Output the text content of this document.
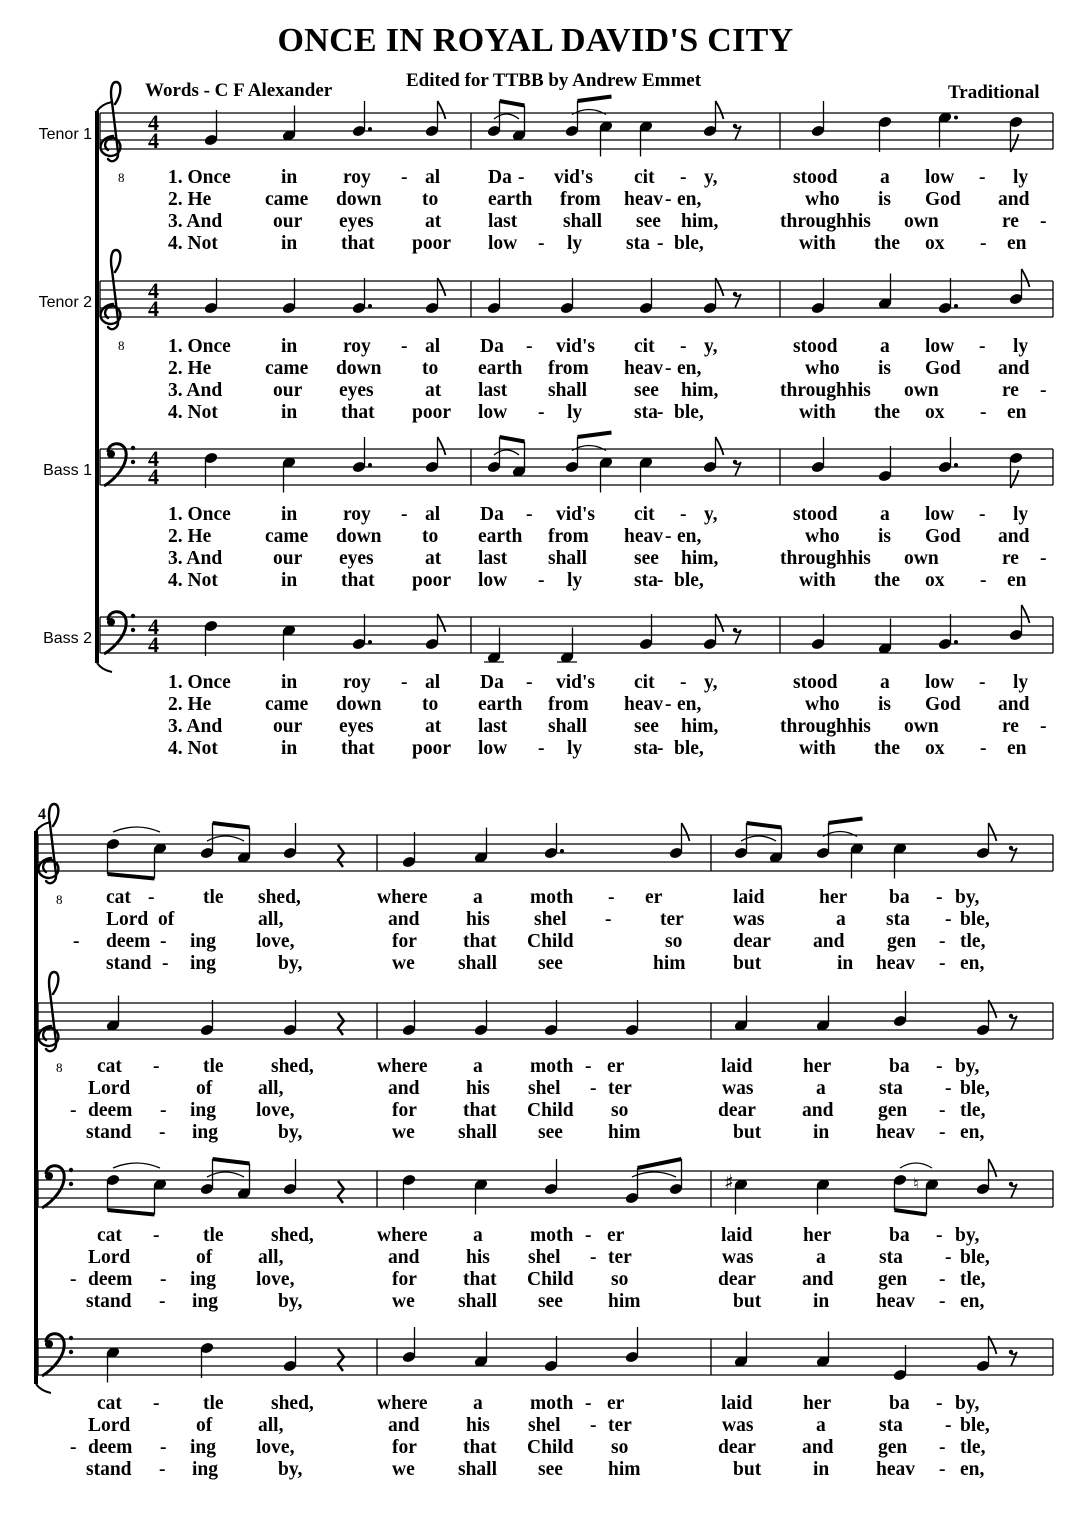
ONCE IN ROYAL DAVID'S CITY
Words - C F Alexander	Edited for TTBB by Andrew Emmet
Traditional
Tenor 1
Tenor 2
Bass 1
Bass 2
4
8
4
4
8
4
4
4
4
4
4
8
8
♯	♮
1. Once	in roy - al Da - vid's cit - y,	stood a low - ly
2. He	came down to	earth from heav - en,	who is God and
3. And	our eyes	at last shall see him,	through his own	re -
4. Not	in that poor low - ly sta - ble,	with the ox - en
1. Once	in roy - al Da - vid's cit - y,	stood a low - ly
2. He	came down to earth from heav - en,	who is God and
3. And	our eyes	at last shall see him,	through his own	re -
4. Not	in that poor low - ly	sta - ble,	with the ox - en
1. Once	in roy - al Da - vid's cit - y,	stood a low - ly
2. He	came down to earth from heav - en,	who is God and
3. And	our eyes	at last shall see him,	through his own	re -
4. Not	in that poor low - ly	sta - ble,	with the ox - en
1. Once	in roy - al Da - vid's cit - y,	stood a low - ly
2. He	came down to earth from heav - en,	who is God and
3. And	our eyes	at last shall see him,	through his own	re -
4. Not	in that poor low - ly	sta - ble,	with the ox - en
cat - tle shed,	where a moth - er	laid	her ba - by,
Lord of	all,	and his shel - ter	was	a sta - ble,
- deem - ing love,	for that Child	so	dear and gen - tle,
stand - ing	by,	we shall see	him but	in heav - en,
cat - tle shed,	where a moth - er	laid	her	ba - by,
Lord	of all,	and his shel - ter	was	a	sta - ble,
- deem - ing love,	for that Child so	dear and gen - tle,
stand - ing	by,	we shall see him	but	in heav - en,
cat - tle shed,	where a moth - er	laid	her	ba - by,
Lord	of all,	and his shel - ter	was	a	sta - ble,
- deem - ing love,	for that Child so	dear and gen - tle,
stand - ing	by,	we shall see him	but	in heav - en,
cat - tle shed,	where a moth - er	laid	her	ba - by,
Lord	of all,	and his shel - ter	was	a	sta - ble,
- deem - ing love,	for that Child so	dear and gen - tle,
stand - ing	by,	we shall see him	but	in heav - en,
